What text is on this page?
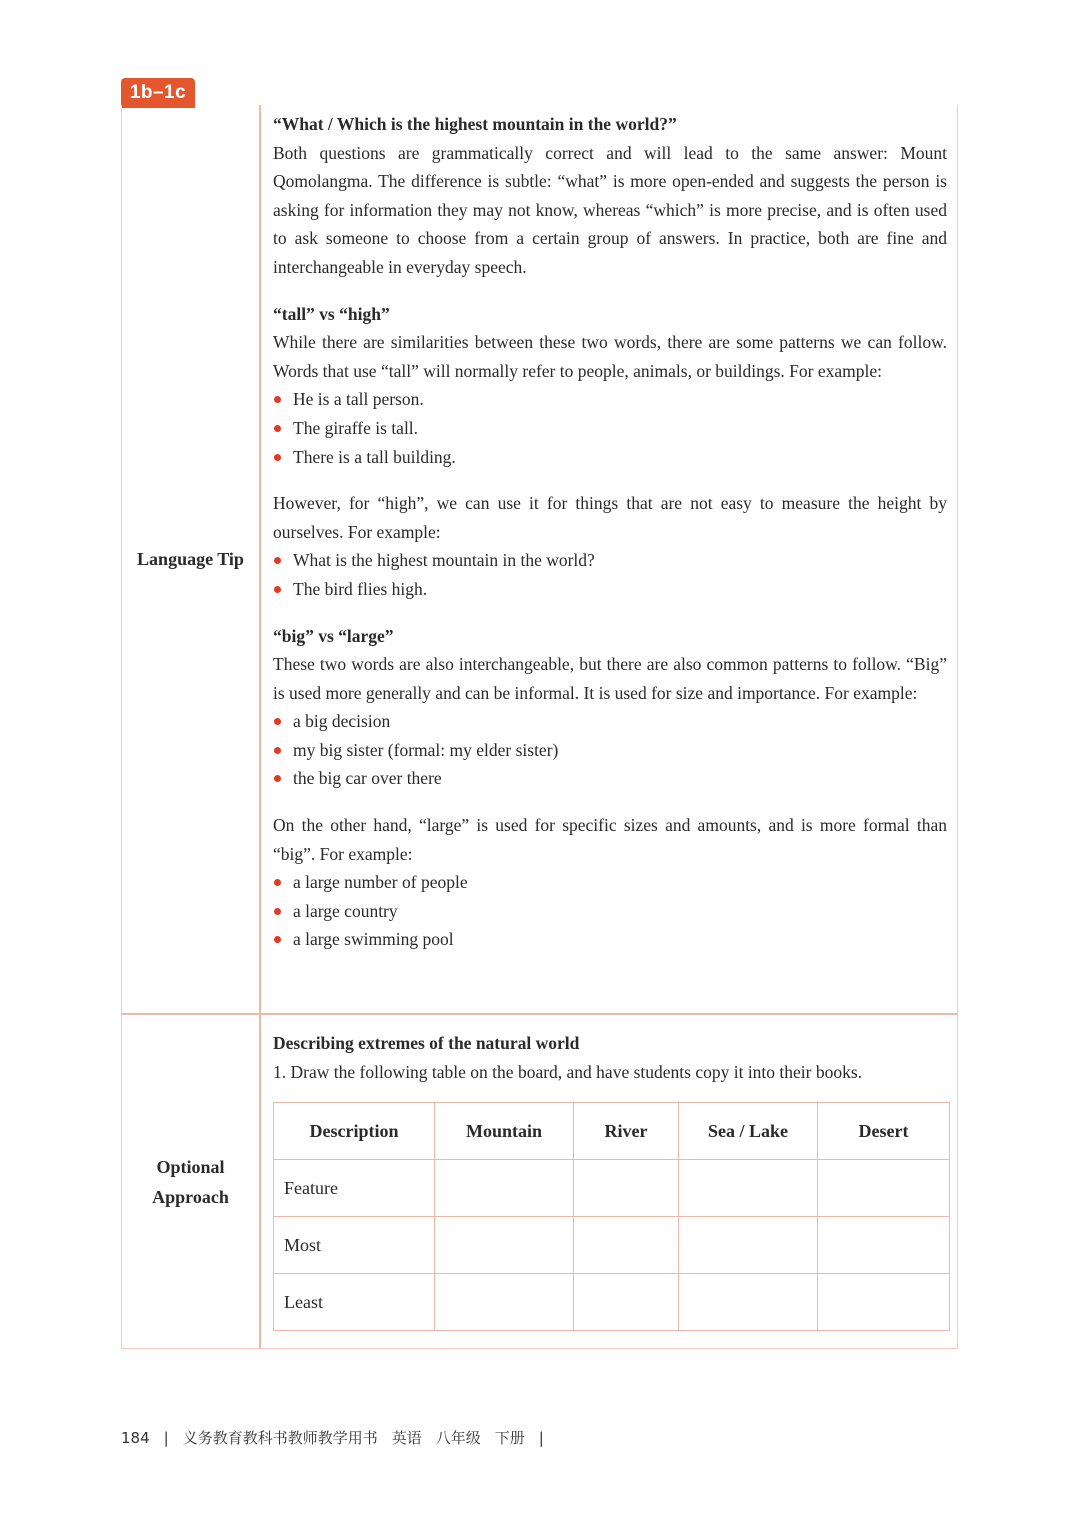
1b–1c
Language Tip

“What / Which is the highest mountain in the world?”

Both questions are grammatically correct and will lead to the same answer: Mount Qomolangma. The difference is subtle: “what” is more open-ended and suggests the person is asking for information they may not know, whereas “which” is more precise, and is often used to ask someone to choose from a certain group of answers. In practice, both are fine and interchangeable in everyday speech.

“tall” vs “high”

While there are similarities between these two words, there are some patterns we can follow. Words that use “tall” will normally refer to people, animals, or buildings. For example:

He is a tall person.
The giraffe is tall.
There is a tall building.

However, for “high”, we can use it for things that are not easy to measure the height by ourselves. For example:

What is the highest mountain in the world?
The bird flies high.

“big” vs “large”

These two words are also interchangeable, but there are also common patterns to follow. “Big” is used more generally and can be informal. It is used for size and importance. For example:

a big decision
my big sister (formal: my elder sister)
the big car over there

On the other hand, “large” is used for specific sizes and amounts, and is more formal than “big”. For example:

a large number of people
a large country
a large swimming pool
Optional
Approach

Describing extremes of the natural world

1. Draw the following table on the board, and have students copy it into their books.

Description	Mountain	River	Sea / Lake	Desert
Feature				
Most				
Least				
184 | 义务教育教科书教师教学用书 英语 八年级 下册 |
